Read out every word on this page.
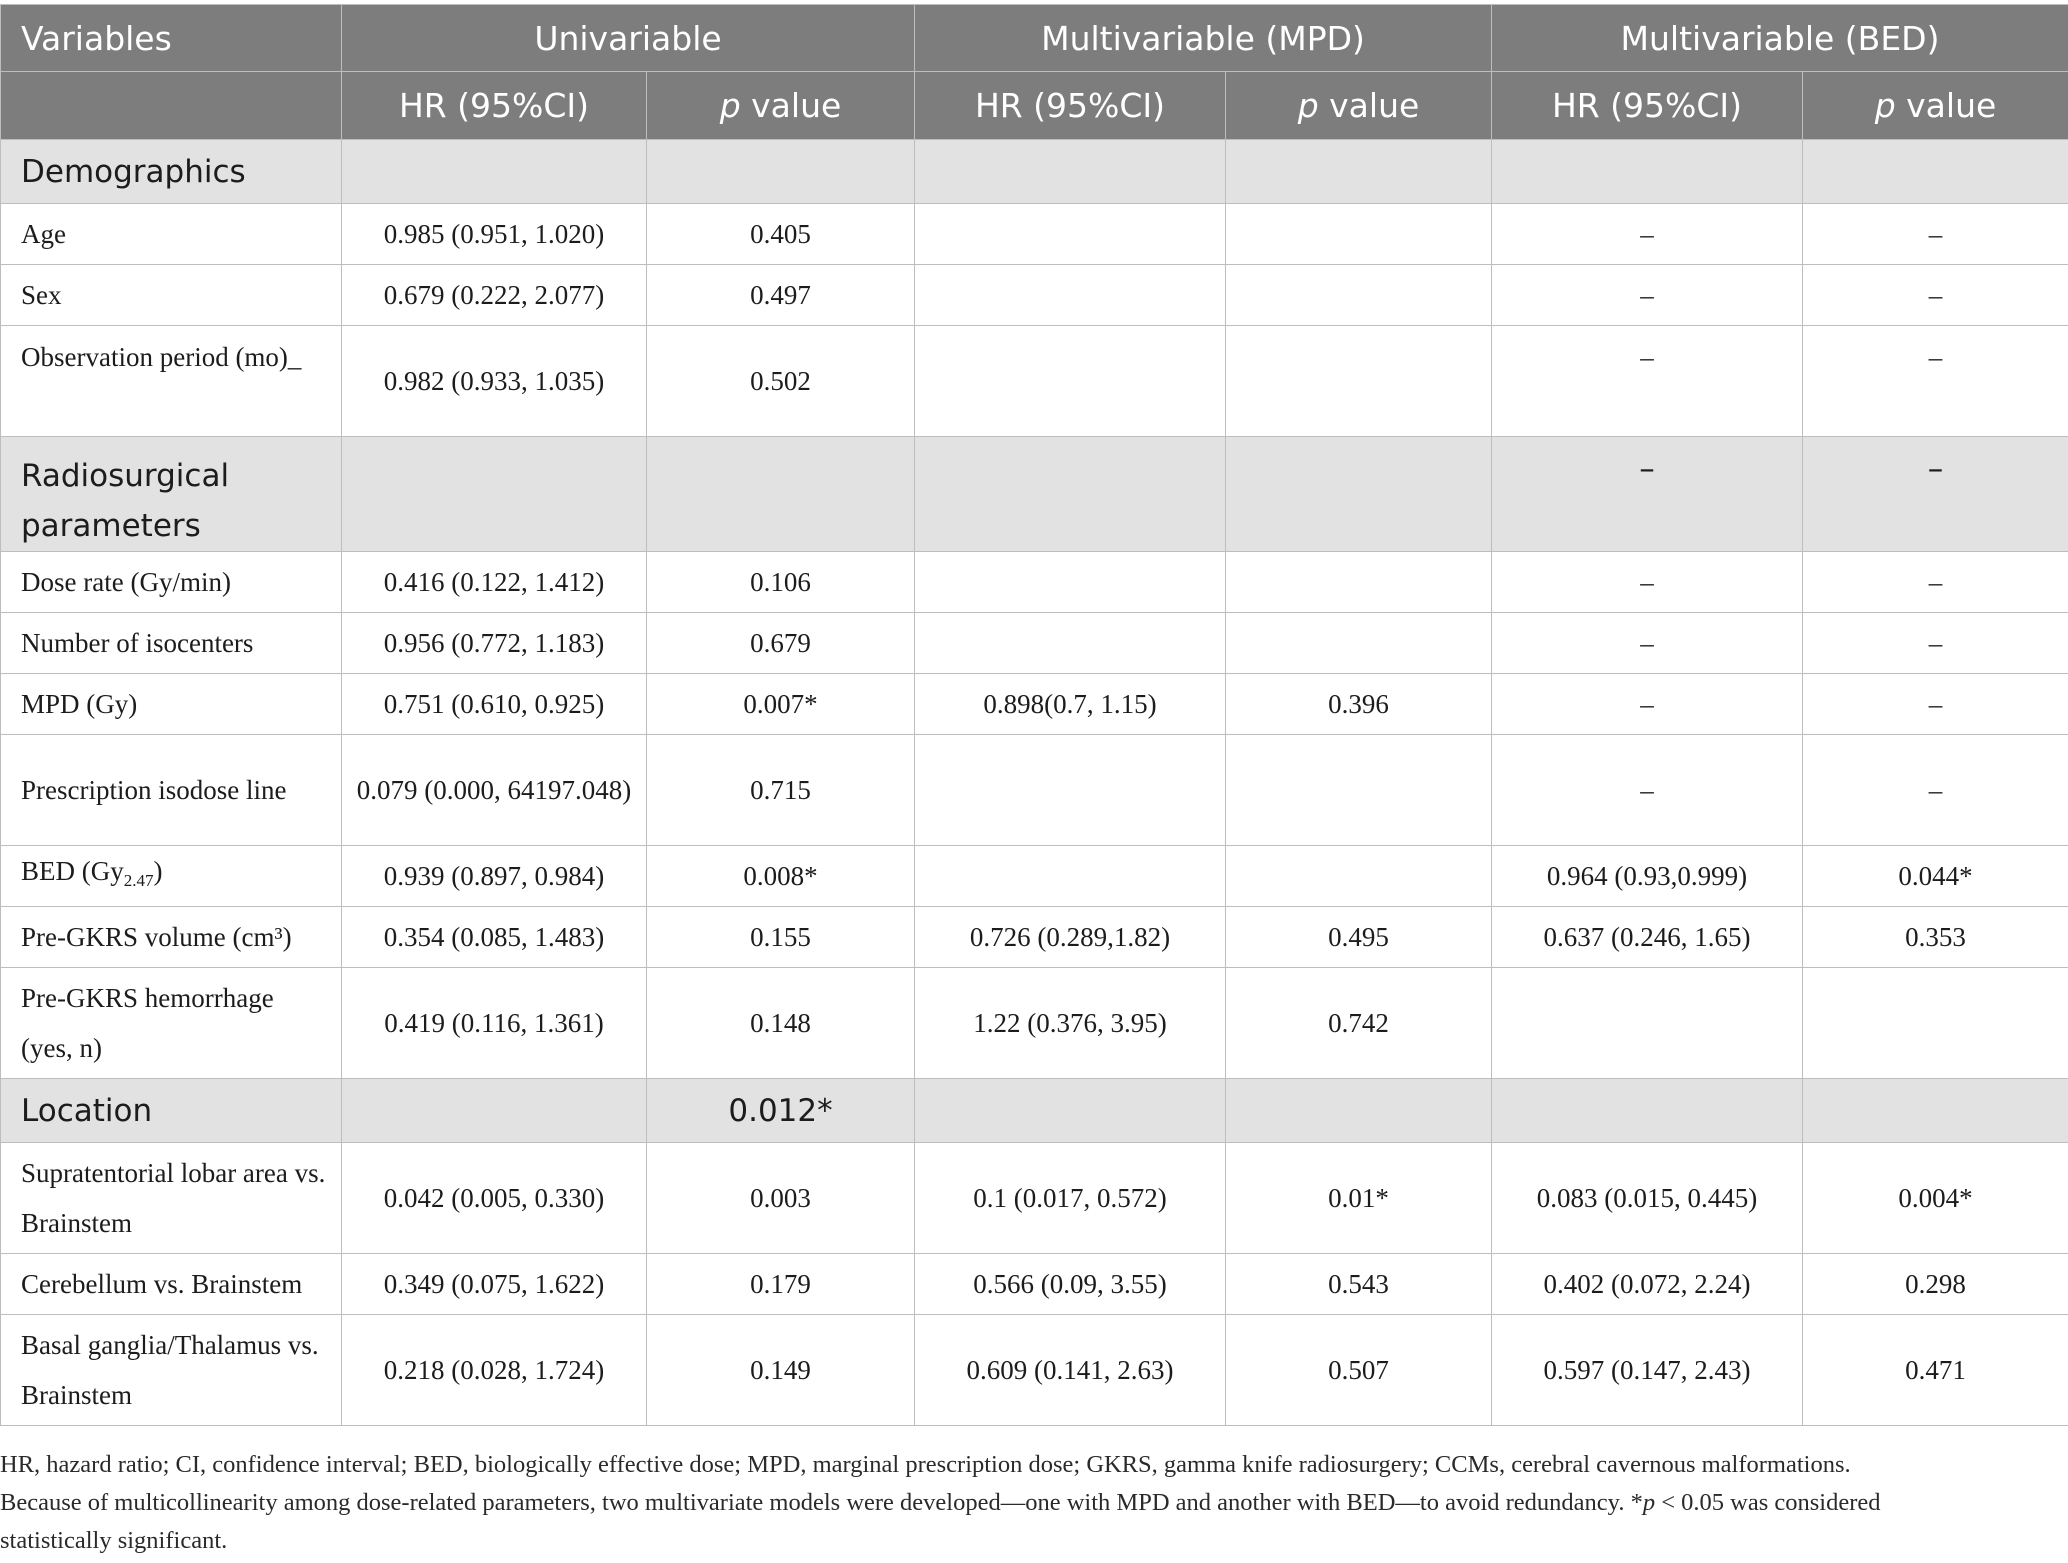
Variables	Univariable		Multivariable (MPD)		Multivariable (BED)	
	HR (95%CI)	p value	HR (95%CI)	p value	HR (95%CI)	p value
Demographics						
Age	0.985 (0.951, 1.020)	0.405			–	–
Sex	0.679 (0.222, 2.077)	0.497			–	–
Observation period (mo)_	0.982 (0.933, 1.035)	0.502			–	–
Radiosurgical parameters					–	–
Dose rate (Gy/min)	0.416 (0.122, 1.412)	0.106			–	–
Number of isocenters	0.956 (0.772, 1.183)	0.679			–	–
MPD (Gy)	0.751 (0.610, 0.925)	0.007*	0.898(0.7, 1.15)	0.396	–	–
Prescription isodose line	0.079 (0.000, 64197.048)	0.715			–	–
BED $(Gy_{2.47})$	0.939 (0.897, 0.984)	0.008*			0.964 (0.93,0.999)	0.044*
Pre-GKRS volume (cm³)	0.354 (0.085, 1.483)	0.155	0.726 (0.289,1.82)	0.495	0.637 (0.246, 1.65)	0.353
Pre-GKRS hemorrhage (yes, n)	0.419 (0.116, 1.361)	0.148	1.22 (0.376, 3.95)	0.742		
Location		0.012*				
Supratentorial lobar area vs. Brainstem	0.042 (0.005, 0.330)	0.003	0.1 (0.017, 0.572)	0.01*	0.083 (0.015, 0.445)	0.004*
Cerebellum vs. Brainstem	0.349 (0.075, 1.622)	0.179	0.566 (0.09, 3.55)	0.543	0.402 (0.072, 2.24)	0.298
Basal ganglia/Thalamus vs. Brainstem	0.218 (0.028, 1.724)	0.149	0.609 (0.141, 2.63)	0.507	0.597 (0.147, 2.43)	0.471
HR, hazard ratio; CI, confidence interval; BED, biologically effective dose; MPD, marginal prescription dose; GKRS, gamma knife radiosurgery; CCMs, cerebral cavernous malformations.
Because of multicollinearity among dose-related parameters, two multivariate models were developed—one with MPD and another with BED—to avoid redundancy. *p < 0.05 was considered
statistically significant.
